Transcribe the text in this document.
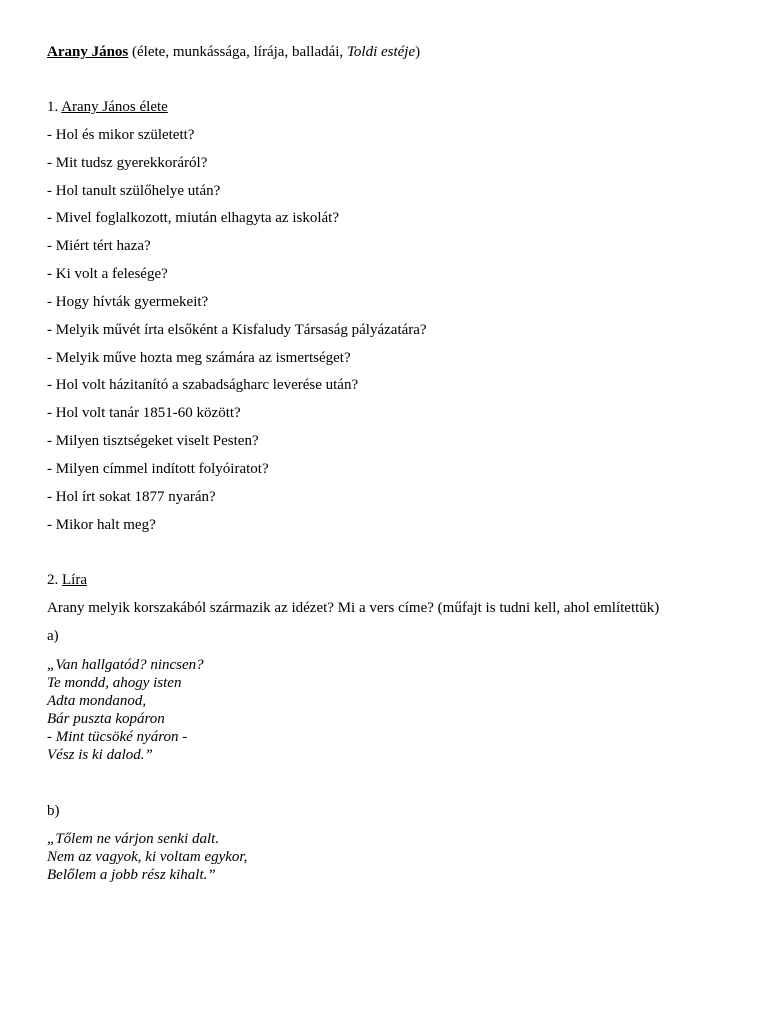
Arany János (élete, munkássága, lírája, balladái, Toldi estéje)
1. Arany János élete
- Hol és mikor született?
- Mit tudsz gyerekkoráról?
- Hol tanult szülőhelye után?
- Mivel foglalkozott, miután elhagyta az iskolát?
- Miért tért haza?
- Ki volt a felesége?
- Hogy hívták gyermekeit?
- Melyik művét írta elsőként a Kisfaludy Társaság pályázatára?
- Melyik műve hozta meg számára az ismertséget?
- Hol volt házitanító a szabadságharc leverése után?
- Hol volt tanár 1851-60 között?
- Milyen tisztségeket viselt Pesten?
- Milyen címmel indított folyóiratot?
- Hol írt sokat 1877 nyarán?
- Mikor halt meg?
2. Líra
Arany melyik korszakából származik az idézet? Mi a vers címe? (műfajt is tudni kell, ahol említettük)
a)
„Van hallgatód? nincsen?
Te mondd, ahogy isten
Adta mondanod,
Bár puszta kopáron
- Mint tücsöké nyáron -
Vész is ki dalod.”
b)
„Tőlem ne várjon senki dalt.
Nem az vagyok, ki voltam egykor,
Belőlem a jobb rész kihalt.”
